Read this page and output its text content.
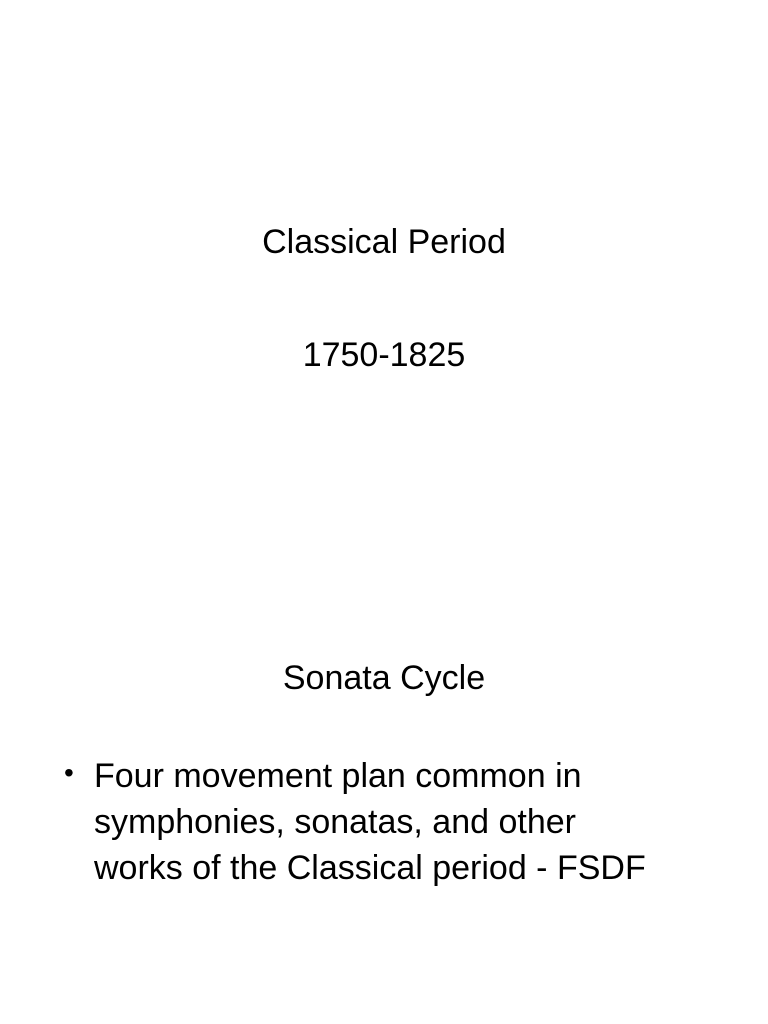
Classical Period
1750-1825
Sonata Cycle
• Four movement plan common in symphonies, sonatas, and other works of the Classical period - FSDF
